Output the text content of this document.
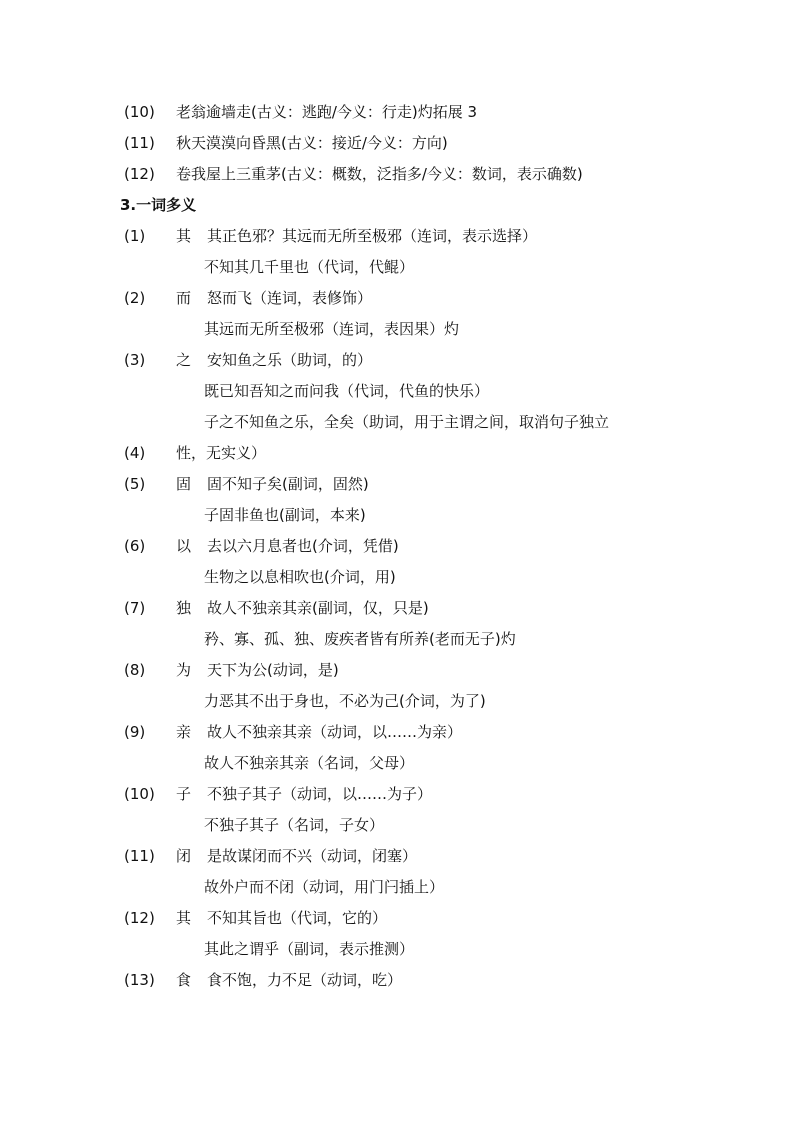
(10)	老翁逾墙走(古义：逃跑/今义：行走)灼拓展 3
(11)	秋天漠漠向昏黑(古义：接近/今义：方向)
(12)	卷我屋上三重茅(古义：概数，泛指多/今义：数词，表示确数)
3.一词多义
(1)	其 其正色邪？其远而无所至极邪（连词，表示选择）
不知其几千里也（代词，代鲲）
(2)	而 怒而飞（连词，表修饰）
其远而无所至极邪（连词，表因果）灼
(3)	之 安知鱼之乐（助词，的）
既已知吾知之而问我（代词，代鱼的快乐）
子之不知鱼之乐，全矣（助词，用于主谓之间，取消句子独立
(4)	性，无实义）
(5)	固 固不知子矣(副词，固然)
子固非鱼也(副词，本来)
(6)	以 去以六月息者也(介词，凭借)
生物之以息相吹也(介词，用)
(7)	独 故人不独亲其亲(副词，仅，只是)
矜、寡、孤、独、废疾者皆有所养(老而无子)灼
(8)	为 天下为公(动词，是)
力恶其不出于身也，不必为己(介词，为了)
(9)	亲 故人不独亲其亲（动词，以……为亲）
故人不独亲其亲（名词，父母）
(10)	子 不独子其子（动词，以……为子）
不独子其子（名词，子女）
(11)	闭 是故谋闭而不兴（动词，闭塞）
故外户而不闭（动词，用门闩插上）
(12)	其 不知其旨也（代词，它的）
其此之谓乎（副词，表示推测）
(13)	食 食不饱，力不足（动词，吃）
